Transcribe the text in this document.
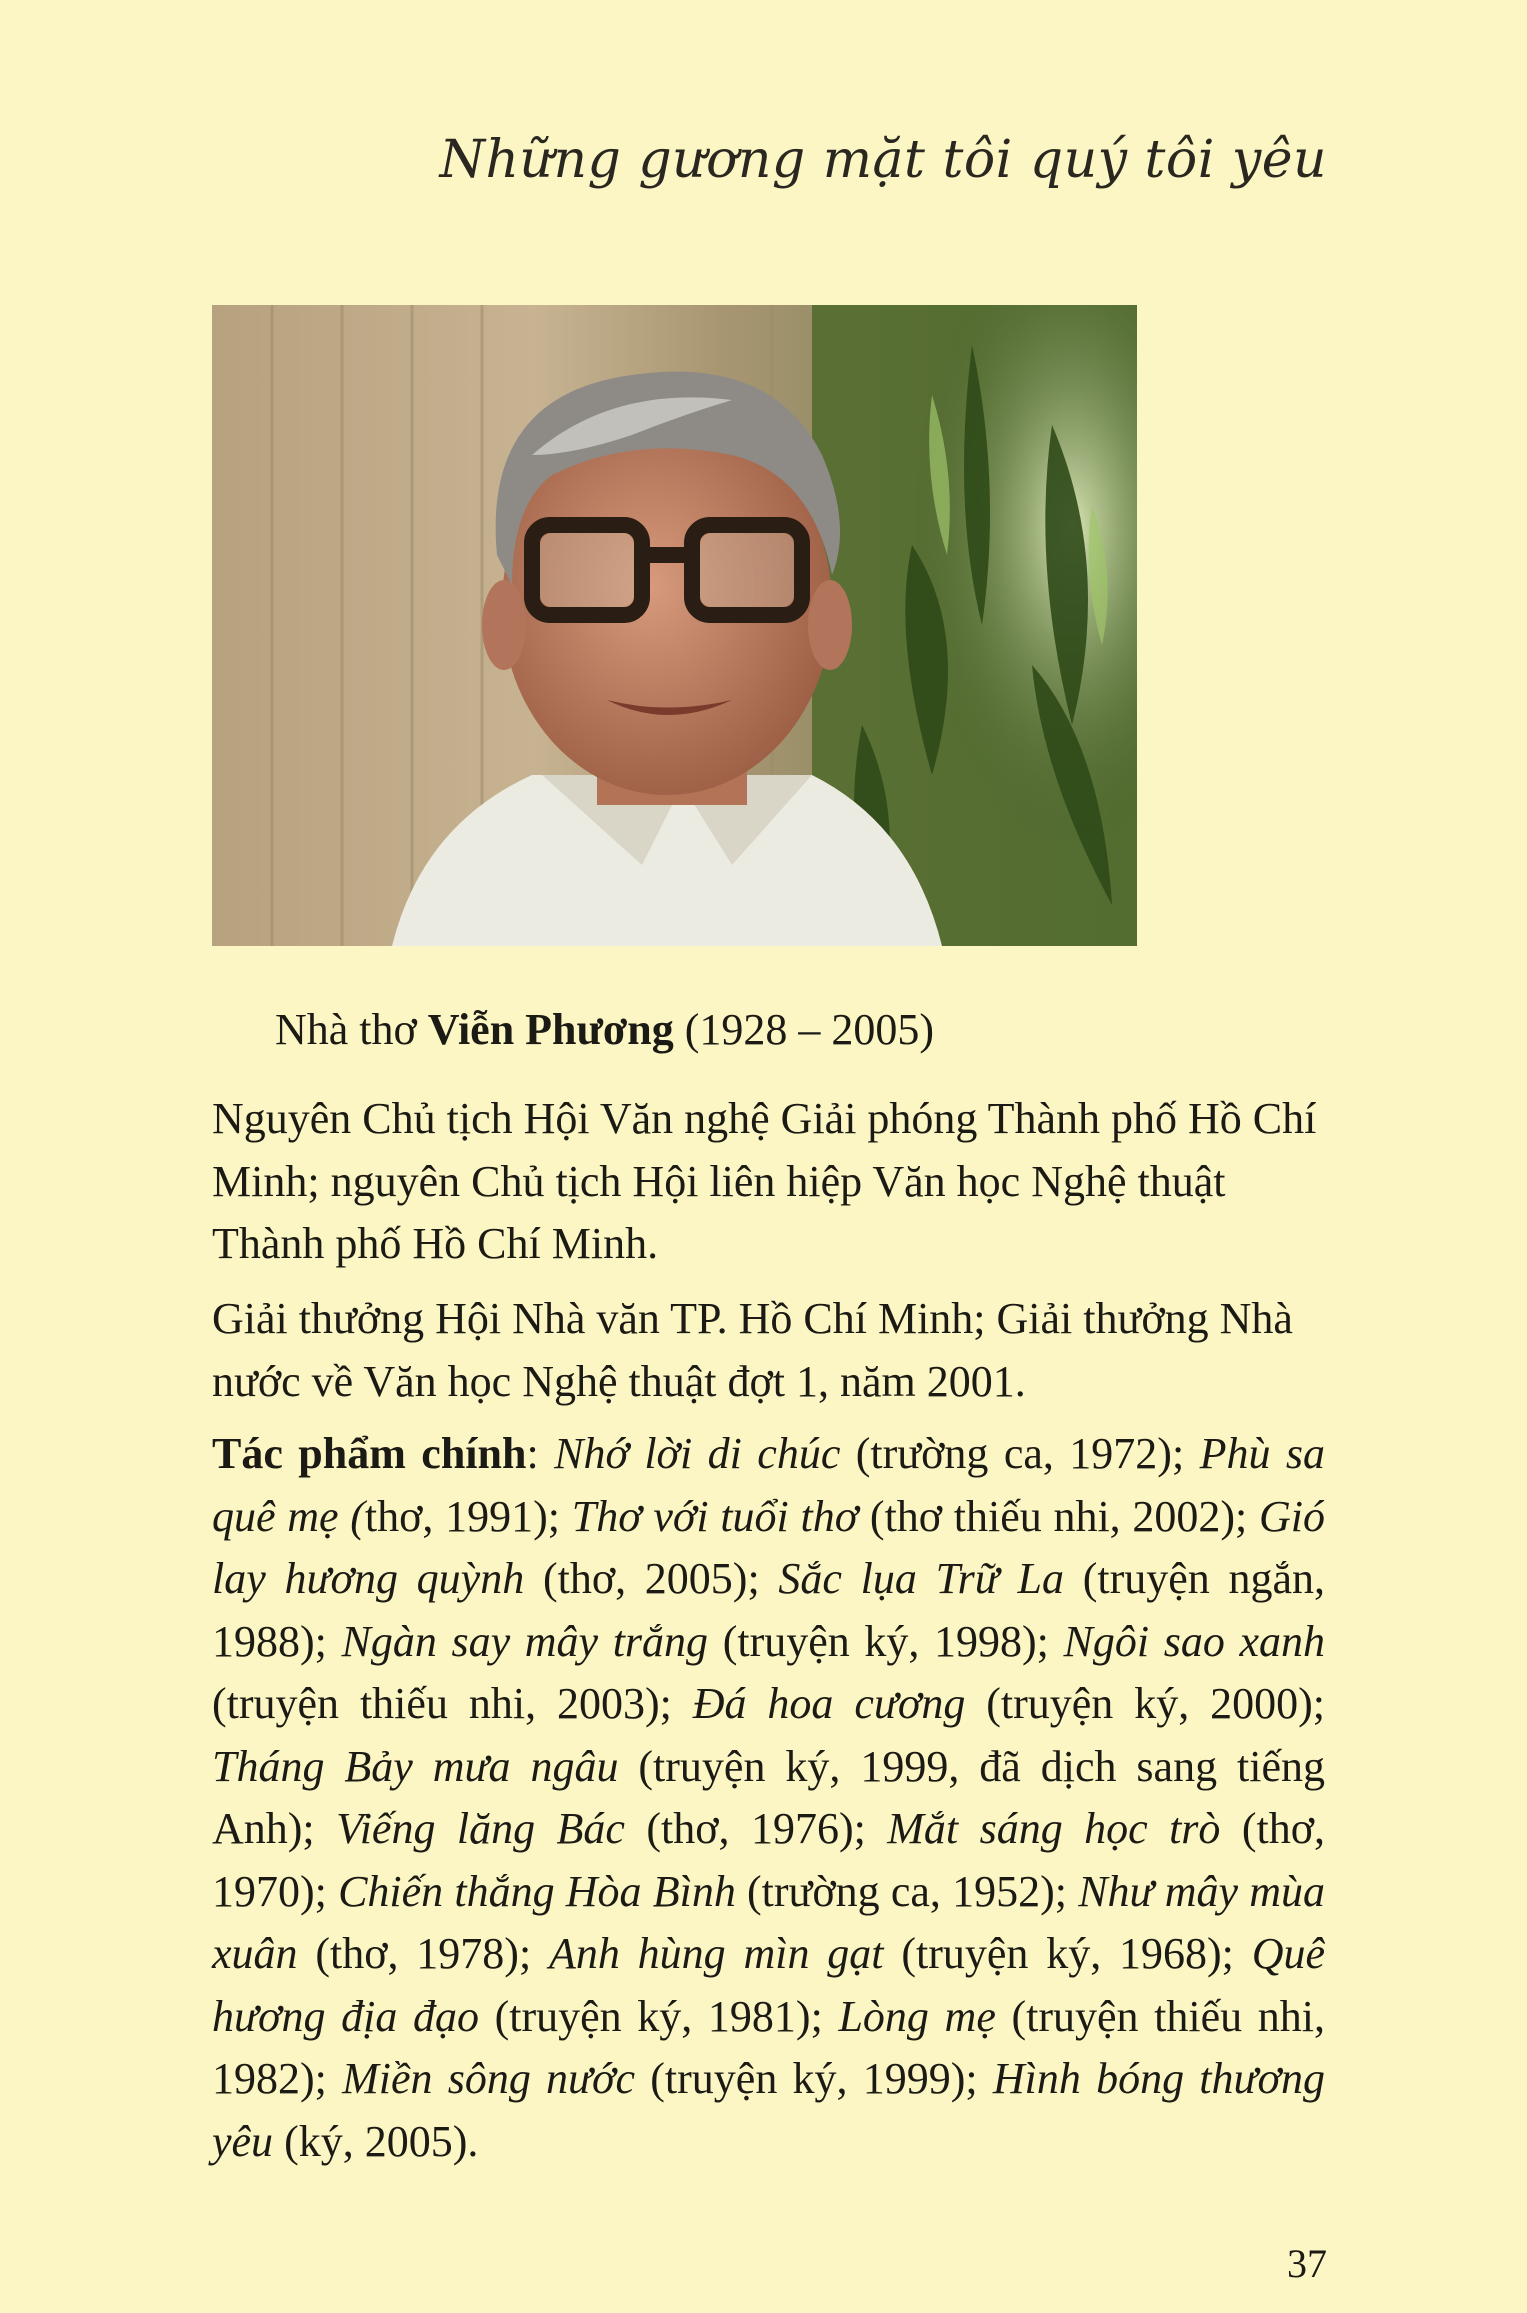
Những gương mặt tôi quý tôi yêu
Nhà thơ Viễn Phương (1928 – 2005)
Nguyên Chủ tịch Hội Văn nghệ Giải phóng Thành phố Hồ Chí Minh; nguyên Chủ tịch Hội liên hiệp Văn học Nghệ thuật Thành phố Hồ Chí Minh.
Giải thưởng Hội Nhà văn TP. Hồ Chí Minh; Giải thưởng Nhà nước về Văn học Nghệ thuật đợt 1, năm 2001.
Tác phẩm chính: Nhớ lời di chúc (trường ca, 1972); Phù sa quê mẹ (thơ, 1991); Thơ với tuổi thơ (thơ thiếu nhi, 2002); Gió lay hương quỳnh (thơ, 2005); Sắc lụa Trữ La (truyện ngắn, 1988); Ngàn say mây trắng (truyện ký, 1998); Ngôi sao xanh (truyện thiếu nhi, 2003); Đá hoa cương (truyện ký, 2000); Tháng Bảy mưa ngâu (truyện ký, 1999, đã dịch sang tiếng Anh); Viếng lăng Bác (thơ, 1976); Mắt sáng học trò (thơ, 1970); Chiến thắng Hòa Bình (trường ca, 1952); Như mây mùa xuân (thơ, 1978); Anh hùng mìn gạt (truyện ký, 1968); Quê hương địa đạo (truyện ký, 1981); Lòng mẹ (truyện thiếu nhi, 1982); Miền sông nước (truyện ký, 1999); Hình bóng thương yêu (ký, 2005).
37
